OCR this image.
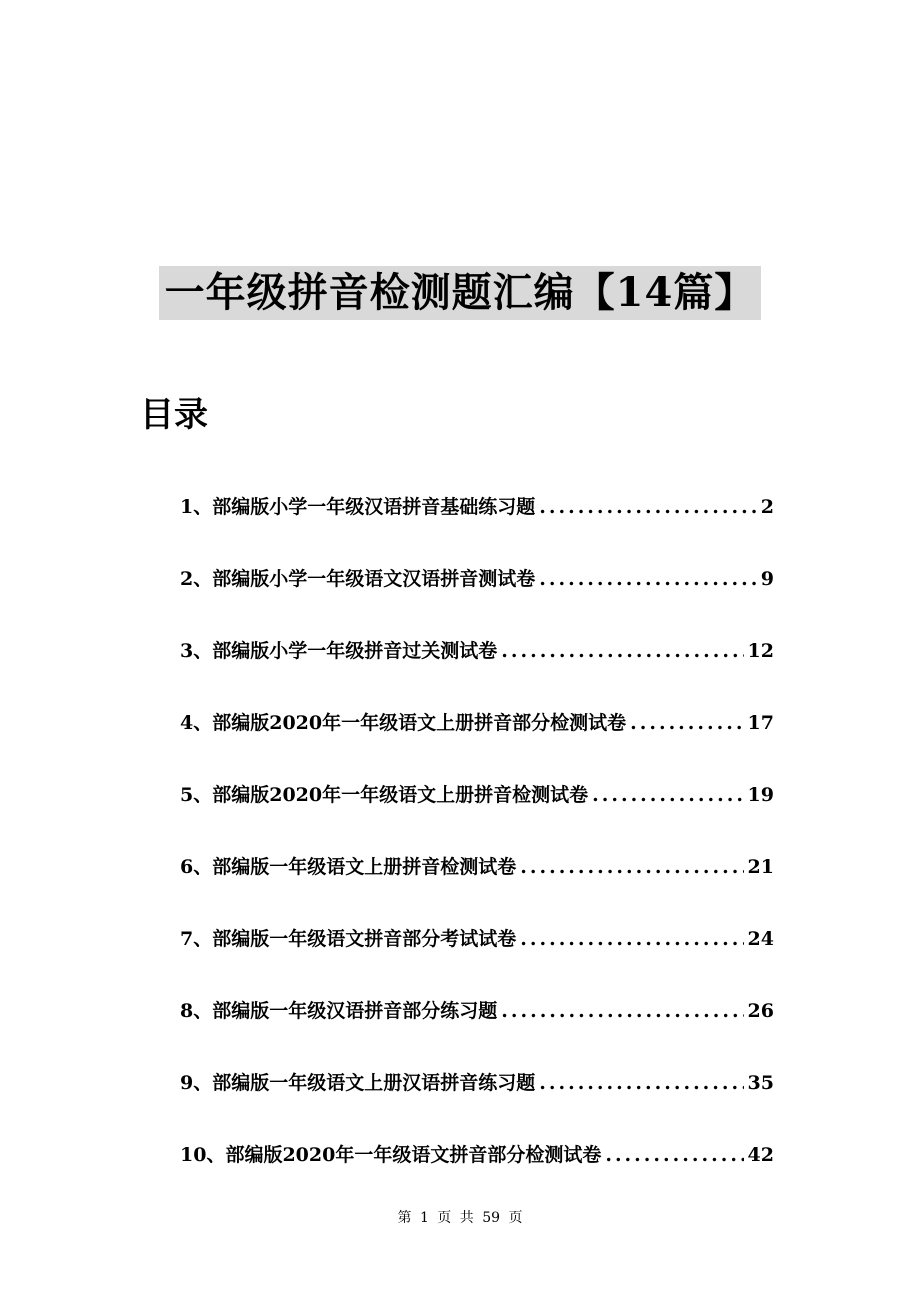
一年级拼音检测题汇编【14篇】
目录
1、部编版小学一年级汉语拼音基础练习题 .....	2
2、部编版小学一年级语文汉语拼音测试卷 .....	9
3、部编版小学一年级拼音过关测试卷 .....	12
4、部编版2020年一年级语文上册拼音部分检测试卷 .....	17
5、部编版2020年一年级语文上册拼音检测试卷 .....	19
6、部编版一年级语文上册拼音检测试卷 .....	21
7、部编版一年级语文拼音部分考试试卷 .....	24
8、部编版一年级汉语拼音部分练习题 .....	26
9、部编版一年级语文上册汉语拼音练习题 .....	35
10、部编版2020年一年级语文拼音部分检测试卷 .....	42
第 1 页 共 59 页
